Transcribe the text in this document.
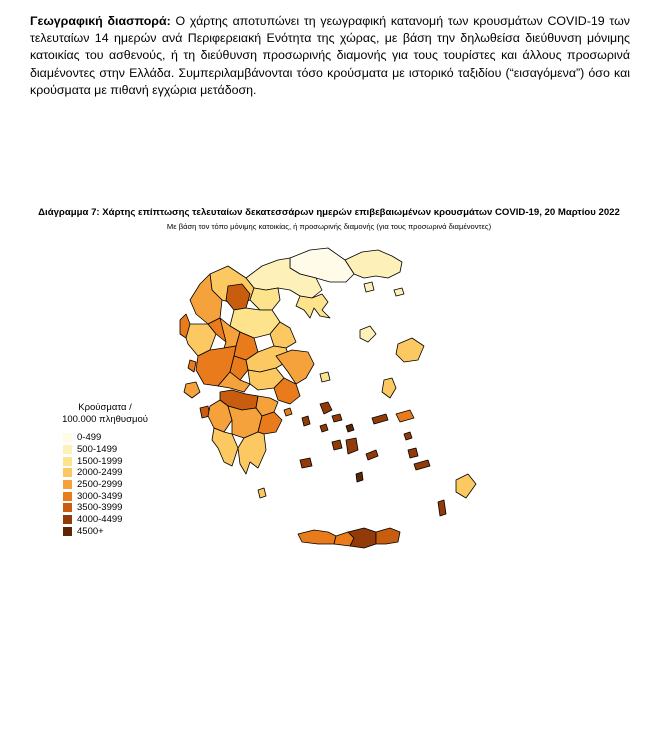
Γεωγραφική διασπορά: Ο χάρτης αποτυπώνει τη γεωγραφική κατανομή των κρουσμάτων COVID-19 των τελευταίων 14 ημερών ανά Περιφερειακή Ενότητα της χώρας, με βάση την δηλωθείσα διεύθυνση μόνιμης κατοικίας του ασθενούς, ή τη διεύθυνση προσωρινής διαμονής για τους τουρίστες και άλλους προσωρινά διαμένοντες στην Ελλάδα. Συμπεριλαμβάνονται τόσο κρούσματα με ιστορικό ταξιδίου (“εισαγόμενα”) όσο και κρούσματα με πιθανή εγχώρια μετάδοση.
Διάγραμμα 7: Χάρτης επίπτωσης τελευταίων δεκατεσσάρων ημερών επιβεβαιωμένων κρουσμάτων COVID-19, 20 Μαρτίου 2022
Με βάση τον τόπο μόνιμης κατοικίας, ή προσωρινής διαμονής (για τους προσωρινά διαμένοντες)
Κρούσματα /
100.000 πληθυσμού
0-499
500-1499
1500-1999
2000-2499
2500-2999
3000-3499
3500-3999
4000-4499
4500+
